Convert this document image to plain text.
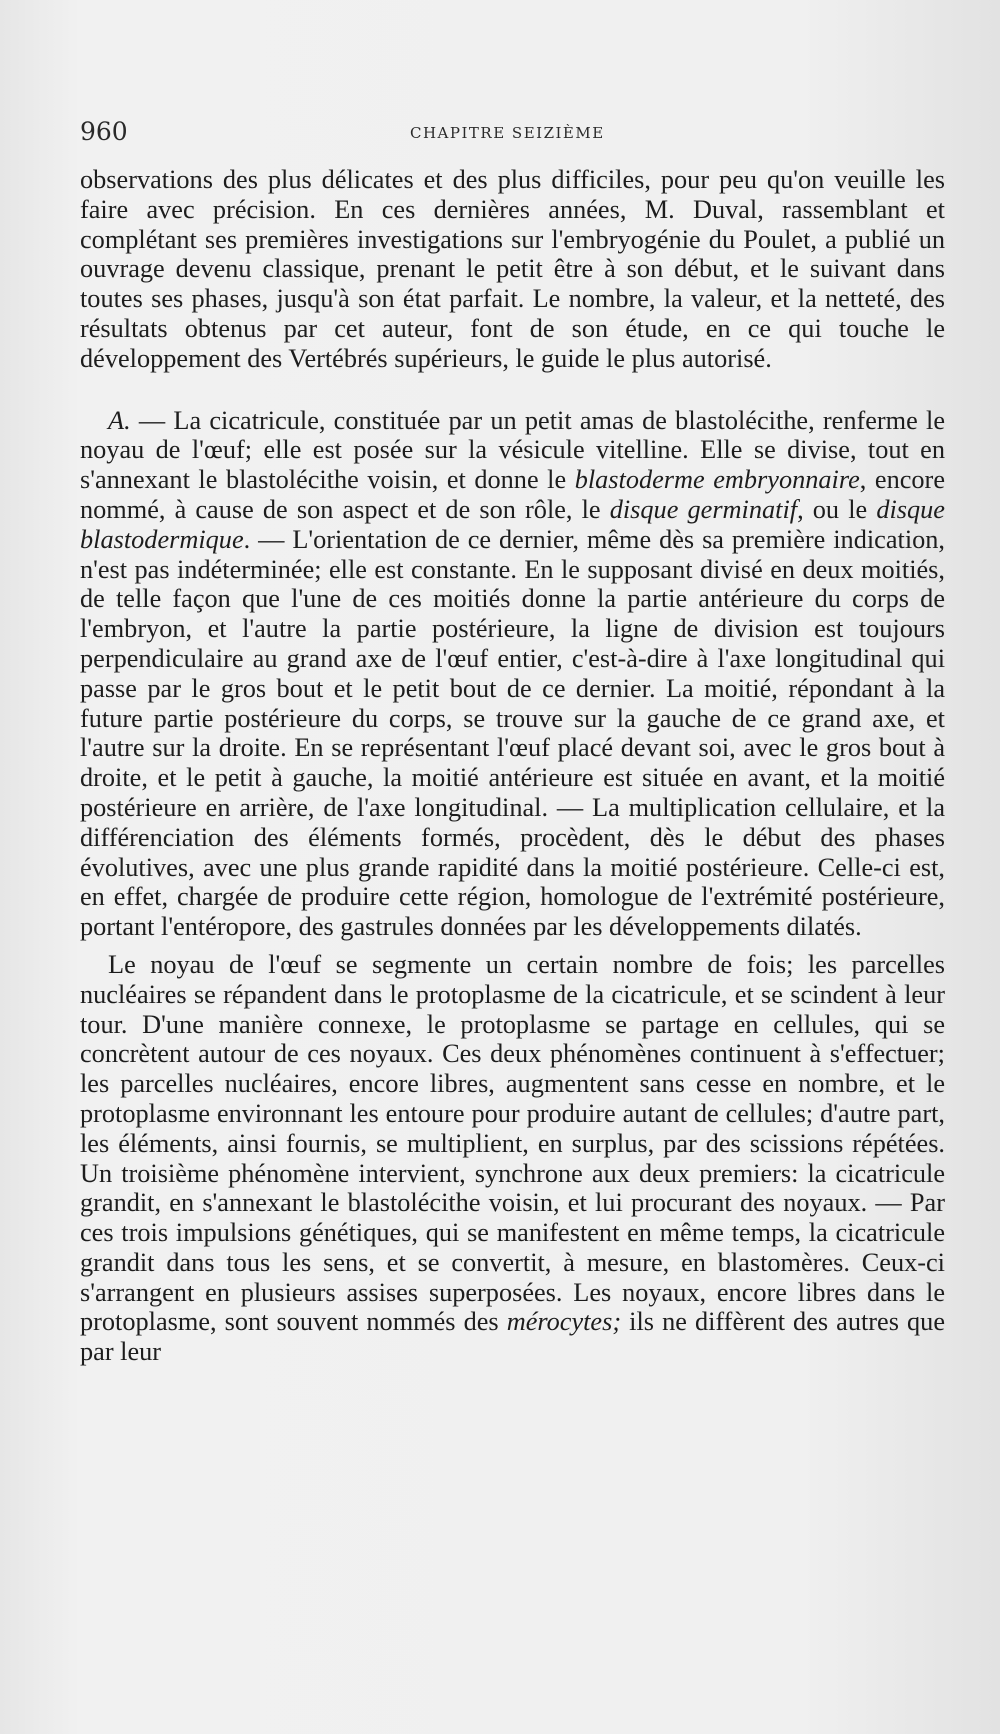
960	CHAPITRE SEIZIÈME

observations des plus délicates et des plus difficiles, pour peu qu'on veuille les faire avec précision. En ces dernières années, M. Duval, rassemblant et complétant ses premières investigations sur l'embryogénie du Poulet, a publié un ouvrage devenu classique, prenant le petit être à son début, et le suivant dans toutes ses phases, jusqu'à son état parfait. Le nombre, la valeur, et la netteté, des résultats obtenus par cet auteur, font de son étude, en ce qui touche le développement des Vertébrés supérieurs, le guide le plus autorisé.

A. — La cicatricule, constituée par un petit amas de blastolécithe, renferme le noyau de l'œuf; elle est posée sur la vésicule vitelline. Elle se divise, tout en s'annexant le blastolécithe voisin, et donne le blastoderme embryonnaire, encore nommé, à cause de son aspect et de son rôle, le disque germinatif, ou le disque blastodermique. — L'orientation de ce dernier, même dès sa première indication, n'est pas indéterminée; elle est constante. En le supposant divisé en deux moitiés, de telle façon que l'une de ces moitiés donne la partie antérieure du corps de l'embryon, et l'autre la partie postérieure, la ligne de division est toujours perpendiculaire au grand axe de l'œuf entier, c'est-à-dire à l'axe longitudinal qui passe par le gros bout et le petit bout de ce dernier. La moitié, répondant à la future partie postérieure du corps, se trouve sur la gauche de ce grand axe, et l'autre sur la droite. En se représentant l'œuf placé devant soi, avec le gros bout à droite, et le petit à gauche, la moitié antérieure est située en avant, et la moitié postérieure en arrière, de l'axe longitudinal. — La multiplication cellulaire, et la différenciation des éléments formés, procèdent, dès le début des phases évolutives, avec une plus grande rapidité dans la moitié postérieure. Celle-ci est, en effet, chargée de produire cette région, homologue de l'extrémité postérieure, portant l'entéropore, des gastrules données par les développements dilatés.

Le noyau de l'œuf se segmente un certain nombre de fois; les parcelles nucléaires se répandent dans le protoplasme de la cicatricule, et se scindent à leur tour. D'une manière connexe, le protoplasme se partage en cellules, qui se concrètent autour de ces noyaux. Ces deux phénomènes continuent à s'effectuer; les parcelles nucléaires, encore libres, augmentent sans cesse en nombre, et le protoplasme environnant les entoure pour produire autant de cellules; d'autre part, les éléments, ainsi fournis, se multiplient, en surplus, par des scissions répétées. Un troisième phénomène intervient, synchrone aux deux premiers: la cicatricule grandit, en s'annexant le blastolécithe voisin, et lui procurant des noyaux. — Par ces trois impulsions génétiques, qui se manifestent en même temps, la cicatricule grandit dans tous les sens, et se convertit, à mesure, en blastomères. Ceux-ci s'arrangent en plusieurs assises superposées. Les noyaux, encore libres dans le protoplasme, sont souvent nommés des mérocytes; ils ne diffèrent des autres que par leur
